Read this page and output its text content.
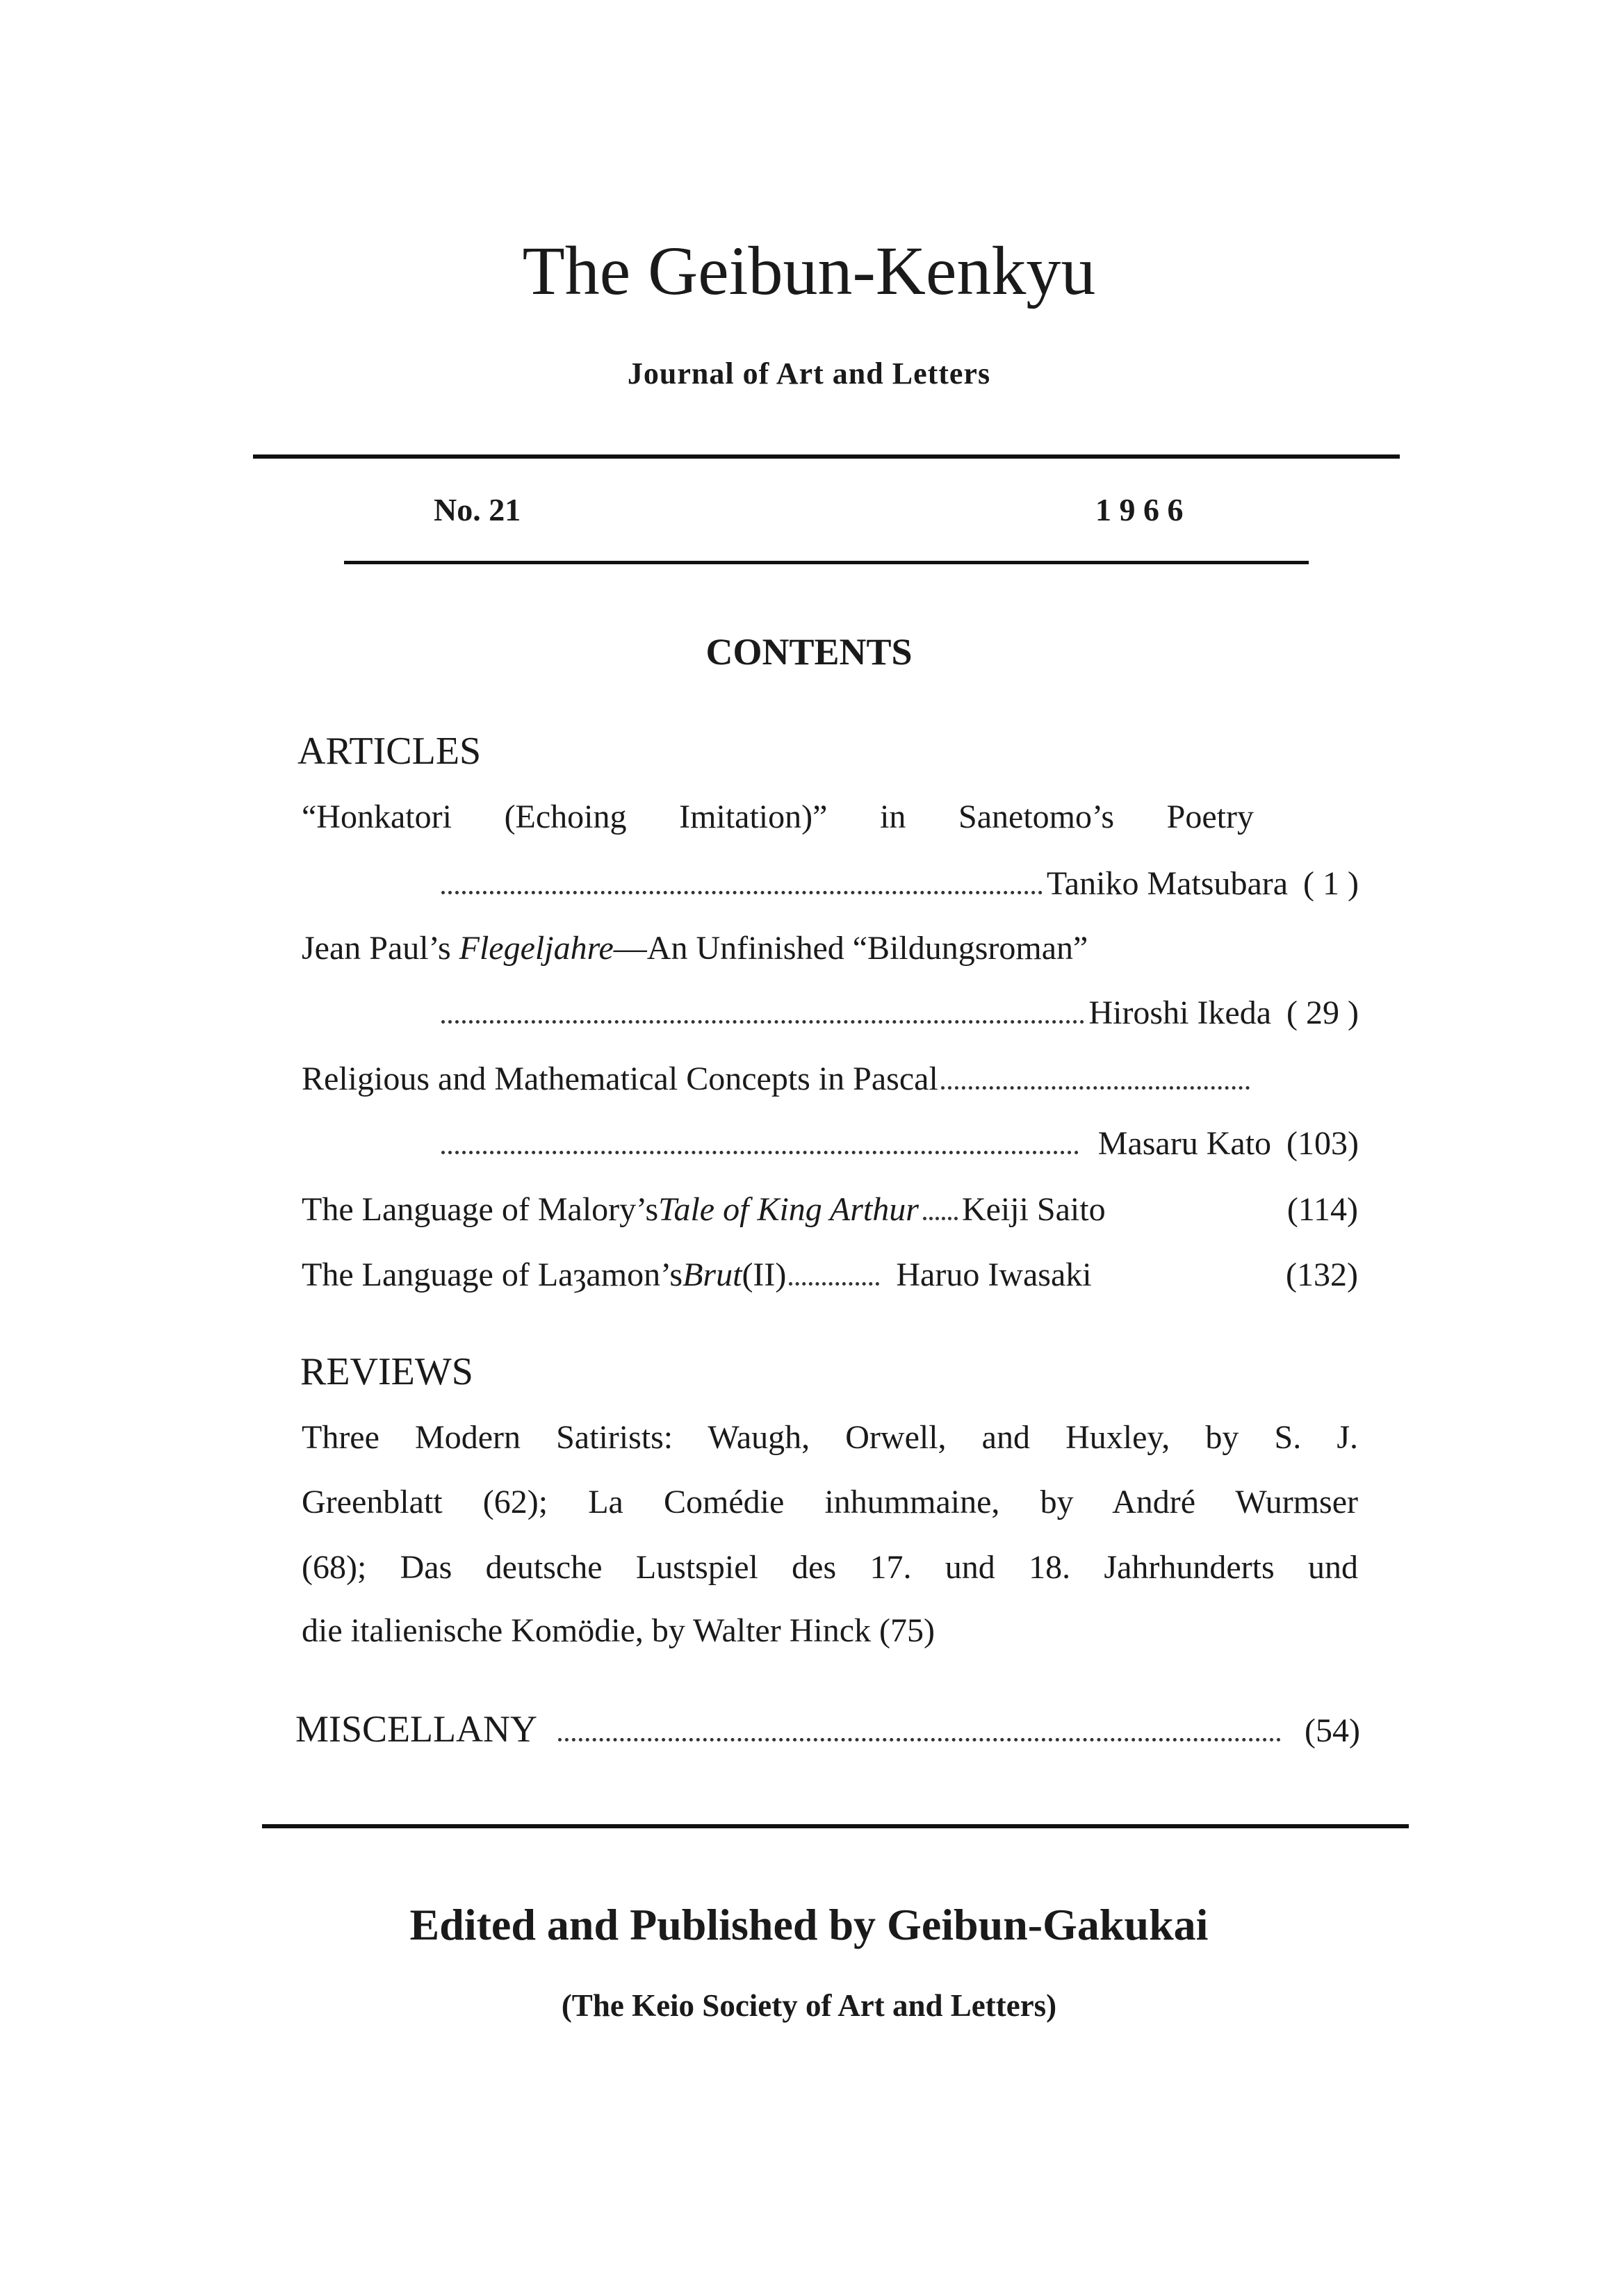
The Geibun-Kenkyu
Journal of Art and Letters
No. 21	1 9 6 6
CONTENTS
ARTICLES
“Honkatori (Echoing Imitation)” in Sanetomo’s Poetry
Taniko Matsubara ( 1 )
Jean Paul’s Flegeljahre—An Unfinished “Bildungsroman”
Hiroshi Ikeda ( 29 )
Religious and Mathematical Concepts in Pascal
Masaru Kato (103)
The Language of Malory’s Tale of King Arthur Keiji Saito	(114)
The Language of Laȝamon’s Brut (II)	Haruo Iwasaki	(132)
REVIEWS
Three Modern Satirists: Waugh, Orwell, and Huxley, by S. J.
Greenblatt (62); La Comédie inhummaine, by André Wurmser
(68); Das deutsche Lustspiel des 17. und 18. Jahrhunderts und
die italienische Komödie, by Walter Hinck (75)
MISCELLANY	(54)
Edited and Published by Geibun-Gakukai
(The Keio Society of Art and Letters)
